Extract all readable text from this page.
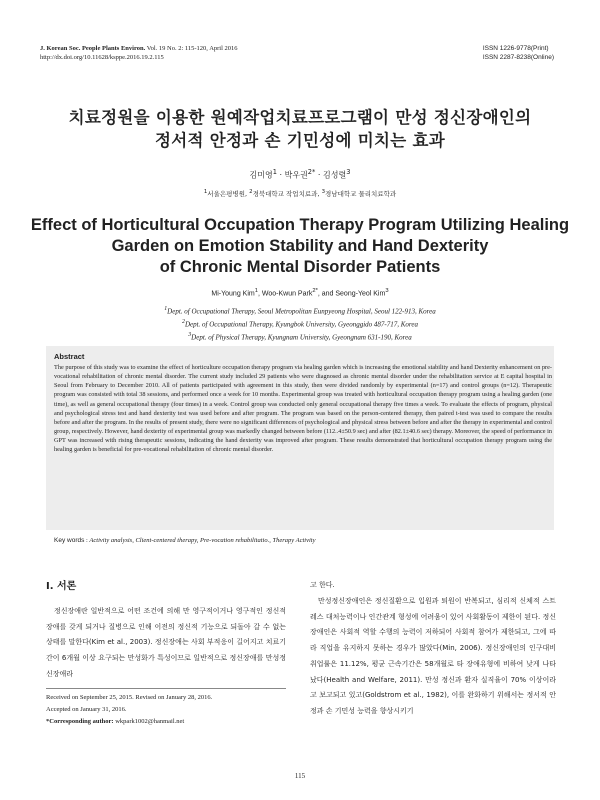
J. Korean Soc. People Plants Environ. Vol. 19 No. 2: 115-120, April 2016
http://dx.doi.org/10.11628/ksppe.2016.19.2.115
ISSN 1226-9778(Print)
ISSN 2287-8238(Online)
치료정원을 이용한 원예작업치료프로그램이 만성 정신장애인의
정서적 안정과 손 기민성에 미치는 효과
김미영$^1$ · 박우권$^{2*}$ · 김성렬$^3$
$^1$서울은평병원, $^2$경북대학교 작업치료과, $^3$경남대학교 물리치료학과
Effect of Horticultural Occupation Therapy Program Utilizing Healing
Garden on Emotion Stability and Hand Dexterity
of Chronic Mental Disorder Patients
Mi-Young Kim$^1$, Woo-Kwun Park$^{2*}$, and Seong-Yeol Kim$^3$
$^1$Dept. of Occupational Therapy, Seoul Metropolitan Eunpyeong Hospital, Seoul 122-913, Korea
$^2$Dept. of Occupational Therapy, Kyungbok University, Gyeonggido 487-717, Korea
$^3$Dept. of Physical Therapy, Kyungnam University, Gyeongnam 631-190, Korea
Abstract
The purpose of this study was to examine the effect of horticulture occupation therapy program via healing garden which is increasing the emotional stability and hand Dexterity enhancement on pre-vocational rehabilitation of chronic mental disorder. The current study included 29 patients who were diagnosed as chronic mental disorder under the rehabilitation service at E capital hospital in Seoul from February to December 2010. All of patients participated with agreement in this study, then were divided randomly by experimental (n=17) and control groups (n=12). Therapeutic program was consisted with total 38 sessions, and performed once a week for 10 months. Experimental group was treated with horticultural occupation therapy program using a healing garden (one time), as well as general occupational therapy (four times) in a week. Control group was conducted only general occupational therapy five times a week. To evaluate the effects of program, physical and psychological stress test and hand dexterity test was used before and after program. The program was based on the person-centered therapy, then paired t-test was used to compare the results before and after the program. In the results of present study, there were no significant differences of psychological and physical stress between before and after the therapy in experimental and control group, respectively. However, hand dexterity of experimental group was markedly changed between before (112..4±50.9 sec) and after (82.1±40.6 sec) therapy. Moreover, the speed of performance in GPT was increased with rising therapeutic sessions, indicating the hand dexterity was improved after program. These results demonstrated that horticultural occupation therapy program using the healing garden is beneficial for pre-vocational rehabilitation of chronic mental disorder.
Key words : Activity analysis, Client-centered therapy, Pre-vocation rehabilitatio., Therapy Activity
Ⅰ. 서론
정신장애란 일반적으로 어떤 조건에 의해 만 영구적이거나 영구적인 정신적 장애를 갖게 되거나 질병으로 인해 이전의 정신적 기능으로 되돌아 갈 수 없는 상태를 말한다(Kim et al., 2003). 정신장애는 사회 부적응이 길어지고 치료기간이 6개월 이상 요구되는 만성화가 특성이므로 일반적으로 정신장애를 만성정신장애라
고 한다.
만성정신장애인은 정신질환으로 입원과 퇴원이 반복되고, 심리적 신체적 스트레스 대처능력이나 인간관계 형성에 어려움이 있어 사회활동이 제한이 된다. 정신장애인은 사회적 역할 수행의 능력이 저하되어 사회적 참여가 제한되고, 그에 따라 직업을 유지하지 못하는 경우가 많았다(Min, 2006). 정신장애인의 인구대비 취업률은 11.12%, 평균 근속기간은 58개월로 타 장애유형에 비하여 낮게 나타났다(Health and Welfare, 2011). 만성 정신과 환자 실직율이 70% 이상이라고 보고되고 있고(Goldstrom et al., 1982), 이를 완화하기 위해서는 정서적 안정과 손 기민성 능력을 향상시키기
Received on September 25, 2015. Revised on January 28, 2016.
Accepted on January 31, 2016.
*Corresponding author: wkpark1002@hanmail.net
115
